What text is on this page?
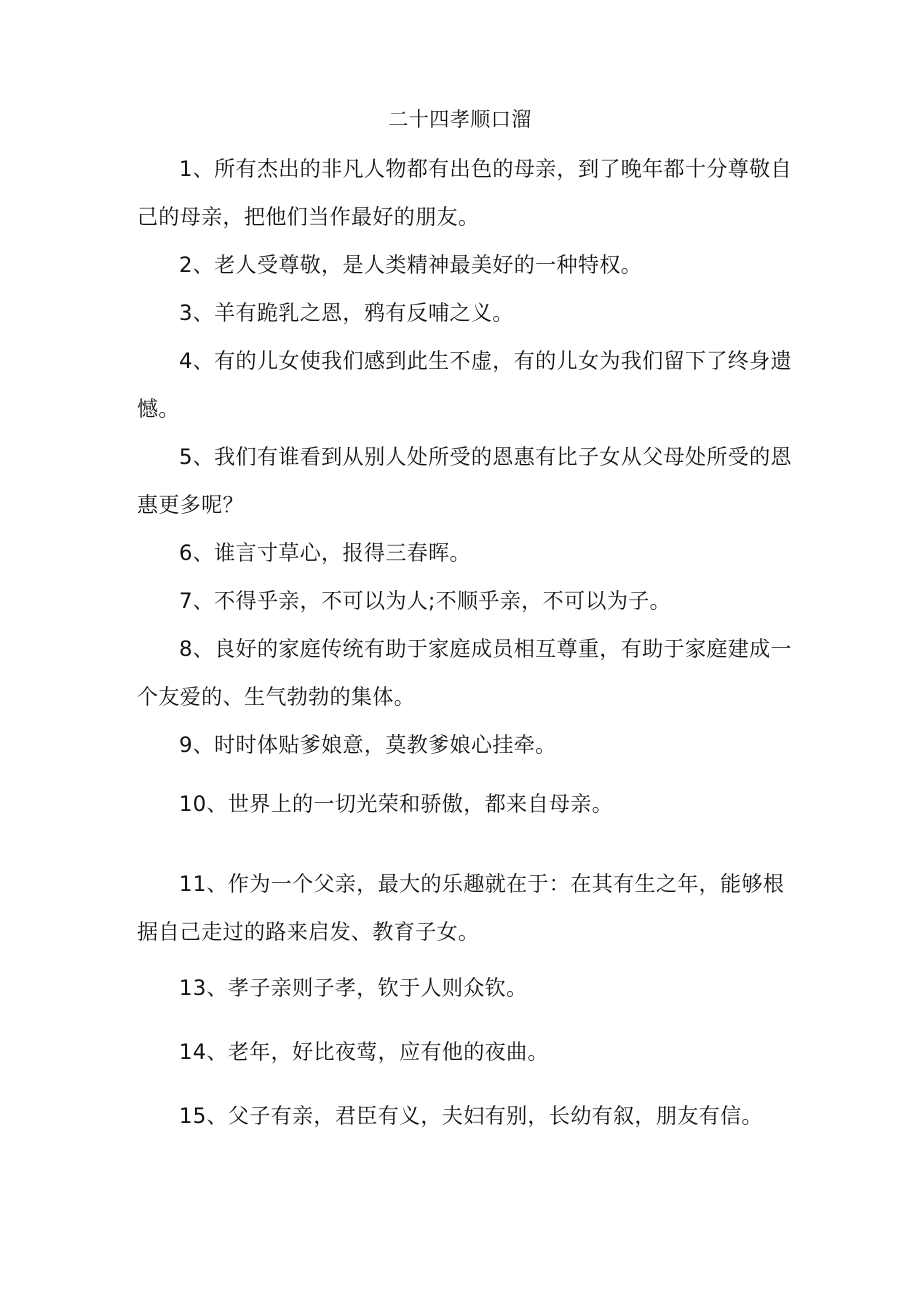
二十四孝顺口溜

1、所有杰出的非凡人物都有出色的母亲，到了晚年都十分尊敬自己的母亲，把他们当作最好的朋友。

2、老人受尊敬，是人类精神最美好的一种特权。

3、羊有跪乳之恩，鸦有反哺之义。

4、有的儿女使我们感到此生不虚，有的儿女为我们留下了终身遗憾。

5、我们有谁看到从别人处所受的恩惠有比子女从父母处所受的恩惠更多呢？

6、谁言寸草心，报得三春晖。

7、不得乎亲，不可以为人;不顺乎亲，不可以为子。

8、良好的家庭传统有助于家庭成员相互尊重，有助于家庭建成一个友爱的、生气勃勃的集体。

9、时时体贴爹娘意，莫教爹娘心挂牵。

10、世界上的一切光荣和骄傲，都来自母亲。

11、作为一个父亲，最大的乐趣就在于：在其有生之年，能够根据自己走过的路来启发、教育子女。

13、孝子亲则子孝，钦于人则众钦。

14、老年，好比夜莺，应有他的夜曲。

15、父子有亲，君臣有义，夫妇有别，长幼有叙，朋友有信。
